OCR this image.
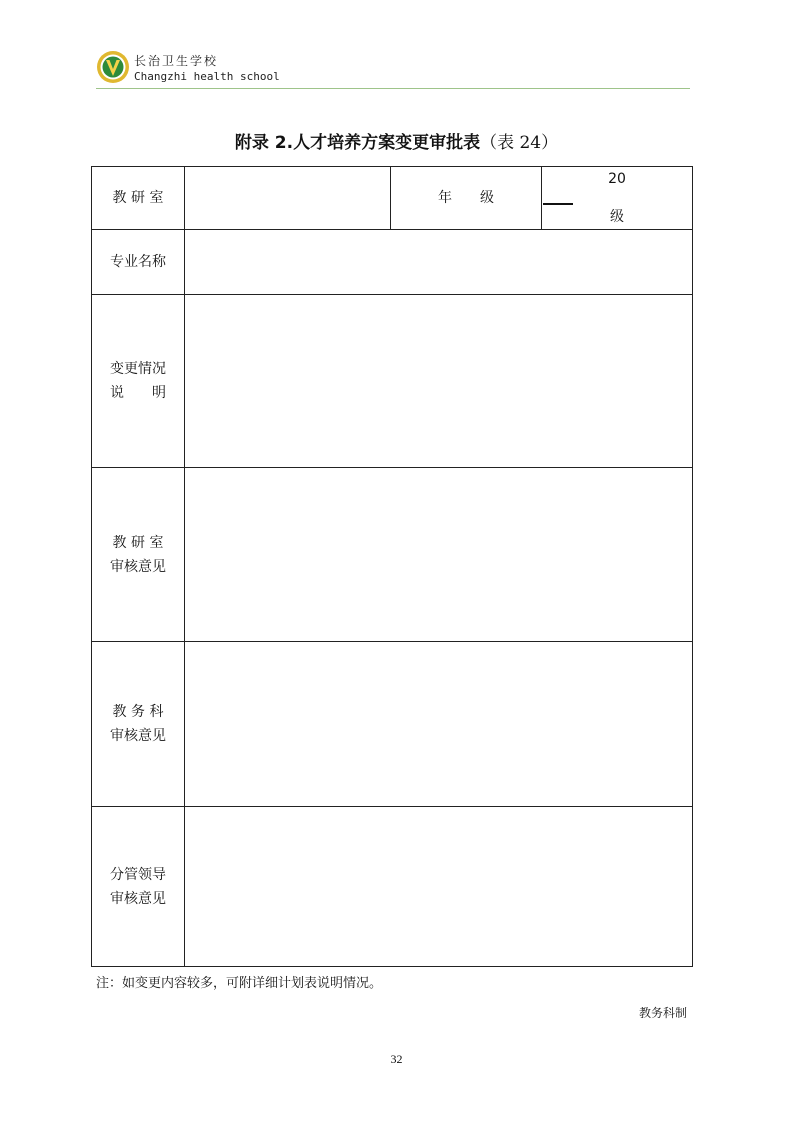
长治卫生学校
Changzhi health school
附录 2.人才培养方案变更审批表（表 24）
教 研 室		年　　级	20
级

专业名称			

变更情况
说　　明			

教 研 室
审核意见			

教 务 科
审核意见			

分管领导
审核意见			

注：如变更内容较多，可附详细计划表说明情况。
教务科制
32
